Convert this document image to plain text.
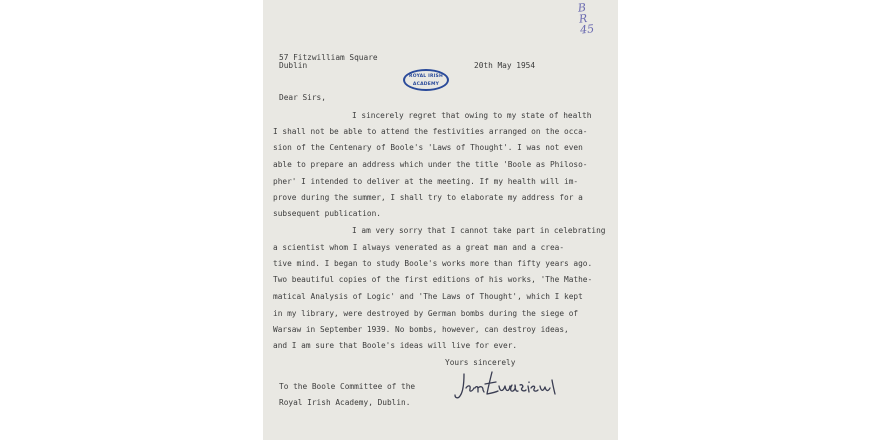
B
R
45
57 Fitzwilliam Square
Dublin	20th May 1954
ROYAL IRISH
ACADEMY
Dear Sirs,
I sincerely regret that owing to my state of health
I shall not be able to attend the festivities arranged on the occa-
sion of the Centenary of Boole's 'Laws of Thought'. I was not even
able to prepare an address which under the title 'Boole as Philoso-
pher' I intended to deliver at the meeting. If my health will im-
prove during the summer, I shall try to elaborate my address for a
subsequent publication.
I am very sorry that I cannot take part in celebrating
a scientist whom I always venerated as a great man and a crea-
tive mind. I began to study Boole's works more than fifty years ago.
Two beautiful copies of the first editions of his works, 'The Mathe-
matical Analysis of Logic' and 'The Laws of Thought', which I kept
in my library, were destroyed by German bombs during the siege of
Warsaw in September 1939. No bombs, however, can destroy ideas,
and I am sure that Boole's ideas will live for ever.
Yours sincerely
To the Boole Committee of the
Royal Irish Academy, Dublin.
